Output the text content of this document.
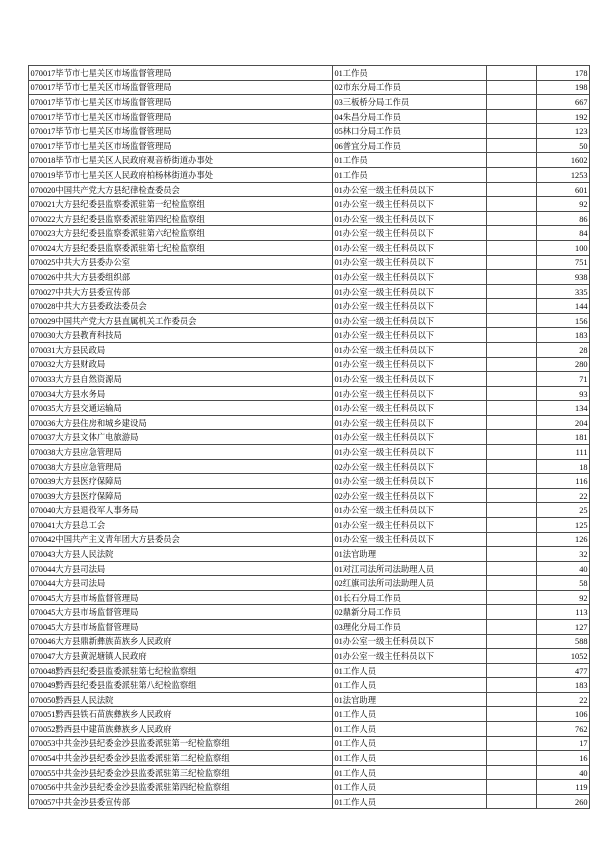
070017毕节市七星关区市场监督管理局	01工作员		178
070017毕节市七星关区市场监督管理局	02市东分局工作员		198
070017毕节市七星关区市场监督管理局	03三板桥分局工作员		667
070017毕节市七星关区市场监督管理局	04朱昌分局工作员		192
070017毕节市七星关区市场监督管理局	05林口分局工作员		123
070017毕节市七星关区市场监督管理局	06普宜分局工作员		50
070018毕节市七星关区人民政府观音桥街道办事处	01工作员		1602
070019毕节市七星关区人民政府柏杨林街道办事处	01工作员		1253
070020中国共产党大方县纪律检查委员会	01办公室一级主任科员以下		601
070021大方县纪委县监察委派驻第一纪检监察组	01办公室一级主任科员以下		92
070022大方县纪委县监察委派驻第四纪检监察组	01办公室一级主任科员以下		86
070023大方县纪委县监察委派驻第六纪检监察组	01办公室一级主任科员以下		84
070024大方县纪委县监察委派驻第七纪检监察组	01办公室一级主任科员以下		100
070025中共大方县委办公室	01办公室一级主任科员以下		751
070026中共大方县委组织部	01办公室一级主任科员以下		938
070027中共大方县委宣传部	01办公室一级主任科员以下		335
070028中共大方县委政法委员会	01办公室一级主任科员以下		144
070029中国共产党大方县直属机关工作委员会	01办公室一级主任科员以下		156
070030大方县教育科技局	01办公室一级主任科员以下		183
070031大方县民政局	01办公室一级主任科员以下		28
070032大方县财政局	01办公室一级主任科员以下		280
070033大方县自然资源局	01办公室一级主任科员以下		71
070034大方县水务局	01办公室一级主任科员以下		93
070035大方县交通运输局	01办公室一级主任科员以下		134
070036大方县住房和城乡建设局	01办公室一级主任科员以下		204
070037大方县文体广电旅游局	01办公室一级主任科员以下		181
070038大方县应急管理局	01办公室一级主任科员以下		111
070038大方县应急管理局	02办公室一级主任科员以下		18
070039大方县医疗保障局	01办公室一级主任科员以下		116
070039大方县医疗保障局	02办公室一级主任科员以下		22
070040大方县退役军人事务局	01办公室一级主任科员以下		25
070041大方县总工会	01办公室一级主任科员以下		125
070042中国共产主义青年团大方县委员会	01办公室一级主任科员以下		126
070043大方县人民法院	01法官助理		32
070044大方县司法局	01对江司法所司法助理人员		40
070044大方县司法局	02红旗司法所司法助理人员		58
070045大方县市场监督管理局	01长石分局工作员		92
070045大方县市场监督管理局	02鼎新分局工作员		113
070045大方县市场监督管理局	03理化分局工作员		127
070046大方县鼎新彝族苗族乡人民政府	01办公室一级主任科员以下		588
070047大方县黄泥塘镇人民政府	01办公室一级主任科员以下		1052
070048黔西县纪委县监委派驻第七纪检监察组	01工作人员		477
070049黔西县纪委县监委派驻第八纪检监察组	01工作人员		183
070050黔西县人民法院	01法官助理		22
070051黔西县铁石苗族彝族乡人民政府	01工作人员		106
070052黔西县中建苗族彝族乡人民政府	01工作人员		762
070053中共金沙县纪委金沙县监委派驻第一纪检监察组	01工作人员		17
070054中共金沙县纪委金沙县监委派驻第二纪检监察组	01工作人员		16
070055中共金沙县纪委金沙县监委派驻第三纪检监察组	01工作人员		40
070056中共金沙县纪委金沙县监委派驻第四纪检监察组	01工作人员		119
070057中共金沙县委宣传部	01工作人员		260
